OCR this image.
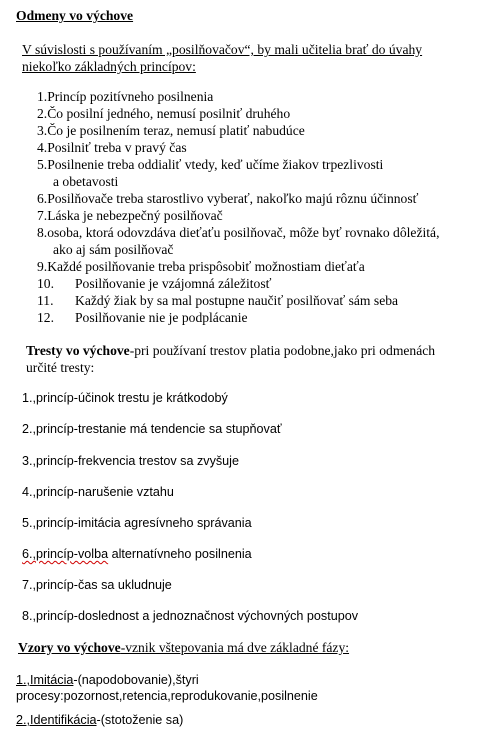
Odmeny vo výchove
V súvislosti s používaním „posilňovačov“, by mali učitelia brať do úvahy
niekoľko základných princípov:
1.Princíp pozitívneho posilnenia
2.Čo posilní jedného, nemusí posilniť druhého
3.Čo je posilnením teraz, nemusí platiť nabudúce
4.Posilniť treba v pravý čas
5.Posilnenie treba oddialiť vtedy, keď učíme žiakov trpezlivosti
a obetavosti
6.Posilňovače treba starostlivo vyberať, nakoľko majú rôznu účinnosť
7.Láska je nebezpečný posilňovač
8.osoba, ktorá odovzdáva dieťaťu posilňovač, môže byť rovnako dôležitá,
ako aj sám posilňovač
9.Každé posilňovanie treba prispôsobiť možnostiam dieťaťa
10. Posilňovanie je vzájomná záležitosť
11. Každý žiak by sa mal postupne naučiť posilňovať sám seba
12. Posilňovanie nie je podplácanie
Tresty vo výchove-pri používaní trestov platia podobne,jako pri odmenách
určité tresty:
1.,princíp-účinok trestu je krátkodobý
2.,princíp-trestanie má tendencie sa stupňovať
3.,princíp-frekvencia trestov sa zvyšuje
4.,princíp-narušenie vztahu
5.,princíp-imitácia agresívneho správania
6.,princíp-volba alternatívneho posilnenia
7.,princíp-čas sa ukludnuje
8.,princíp-doslednost a jednoznačnost výchovných postupov
Vzory vo výchove-vznik vštepovania má dve základné fázy:
1.,Imitácia-(napodobovanie),štyri
procesy:pozornost,retencia,reprodukovanie,posilnenie
2.,Identifikácia-(stotoženie sa)
